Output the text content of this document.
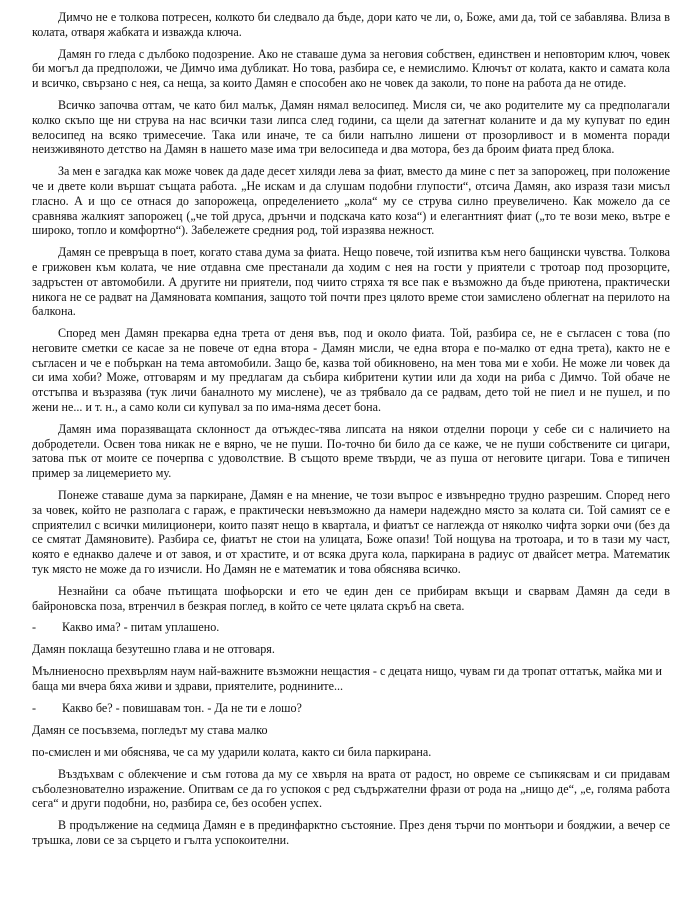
Димчо не е толкова потресен, колкото би следвало да бъде, дори като че ли, о, Боже, ами да, той се забавлява. Влиза в колата, отваря жабката и изважда ключа.

Дамян го гледа с дълбоко подозрение. Ако не ставаше дума за неговия собствен, единствен и неповторим ключ, човек би могъл да предположи, че Димчо има дубликат. Но това, разбира се, е немислимо. Ключът от колата, както и самата кола и всичко, свързано с нея, са неща, за които Дамян е способен ако не човек да заколи, то поне на работа да не отиде.

Всичко започва оттам, че като бил малък, Дамян нямал велосипед. Мисля си, че ако родителите му са предполагали колко скъпо ще ни струва на нас всички тази липса след години, са щели да затегнат коланите и да му купуват по един велосипед на всяко тримесечие. Така или иначе, те са били напълно лишени от прозорливост и в момента поради неизживяното детство на Дамян в нашето мазе има три велосипеда и два мотора, без да броим фиата пред блока.

За мен е загадка как може човек да даде десет хиляди лева за фиат, вместо да мине с пет за запорожец, при положение че и двете коли вършат същата работа. „Не искам и да слушам подобни глупости“, отсича Дамян, ако изразя тази мисъл гласно. А и що се отнася до запорожеца, определението „кола“ му се струва силно преувеличено. Как можело да се сравнява жалкият запорожец („че той друса, дрънчи и подскача като коза“) и елегантният фиат („то те вози меко, вътре е широко, топло и комфортно“). Забележете средния род, той изразява нежност.

Дамян се превръща в поет, когато става дума за фиата. Нещо повече, той изпитва към него бащински чувства. Толкова е грижовен към колата, че ние отдавна сме престанали да ходим с нея на гости у приятели с тротоар под прозорците, задръстен от автомобили. А другите ни приятели, под чиито стряха тя все пак е възможно да бъде приютена, практически никога не се радват на Дамяновата компания, защото той почти през цялото време стои замислено облегнат на перилото на балкона.

Според мен Дамян прекарва една трета от деня във, под и около фиата. Той, разбира се, не е съгласен с това (по неговите сметки се касае за не повече от една втора - Дамян мисли, че една втора е по-малко от една трета), както не е съгласен и че е побъркан на тема автомобили. Защо бе, казва той обикновено, на мен това ми е хоби. Не може ли човек да си има хоби? Може, отговарям и му предлагам да събира кибритени кутии или да ходи на риба с Димчо. Той обаче не отстъпва и възразява (тук личи баналното му мислене), че аз трябвало да се радвам, дето той не пиел и не пушел, и по жени не... и т. н., а само коли си купувал за по има-няма десет бона.

Дамян има поразяващата склонност да отъждес-тява липсата на някои отделни пороци у себе си с наличието на добродетели. Освен това никак не е вярно, че не пуши. По-точно би било да се каже, че не пуши собствените си цигари, затова пък от моите се почерпва с удоволствие. В същото време твърди, че аз пуша от неговите цигари. Това е типичен пример за лицемерието му.

Понеже ставаше дума за паркиране, Дамян е на мнение, че този въпрос е извънредно трудно разрешим. Според него за човек, който не разполага с гараж, е практически невъзможно да намери надеждно място за колата си. Той самият се е сприятелил с всички милиционери, които пазят нещо в квартала, и фиатът се наглежда от няколко чифта зорки очи (без да се смятат Дамяновите). Разбира се, фиатът не стои на улицата, Боже опази! Той нощува на тротоара, и то в тази му част, която е еднакво далече и от завоя, и от храстите, и от всяка друга кола, паркирана в радиус от двайсет метра. Математик тук място не може да го изчисли. Но Дамян не е математик и това обяснява всичко.

Незнайни са обаче пътищата шофьорски и ето че един ден се прибирам вкъщи и сварвам Дамян да седи в байроновска поза, втренчил в безкрая поглед, в който се чете цялата скръб на света.

- Какво има? - питам уплашено.

Дамян поклаща безутешно глава и не отговаря.

Мълниеносно прехвърлям наум най-важните възможни нещастия - с децата нищо, чувам ги да тропат оттатък, майка ми и баща ми вчера бяха живи и здрави, приятелите, роднините...

- Какво бе? - повишавам тон. - Да не ти е лошо?

Дамян се посъвзема, погледът му става малко

по-смислен и ми обяснява, че са му ударили колата, както си била паркирана.

Въздъхвам с облекчение и съм готова да му се хвърля на врата от радост, но овреме се съпикясвам и си придавам съболезнователно изражение. Опитвам се да го успокоя с ред съдържателни фрази от рода на „нищо де“, „е, голяма работа сега“ и други подобни, но, разбира се, без особен успех.

В продължение на седмица Дамян е в прединфарктно състояние. През деня търчи по монтьори и бояджии, а вечер се тръшка, лови се за сърцето и гълта успокоителни.
